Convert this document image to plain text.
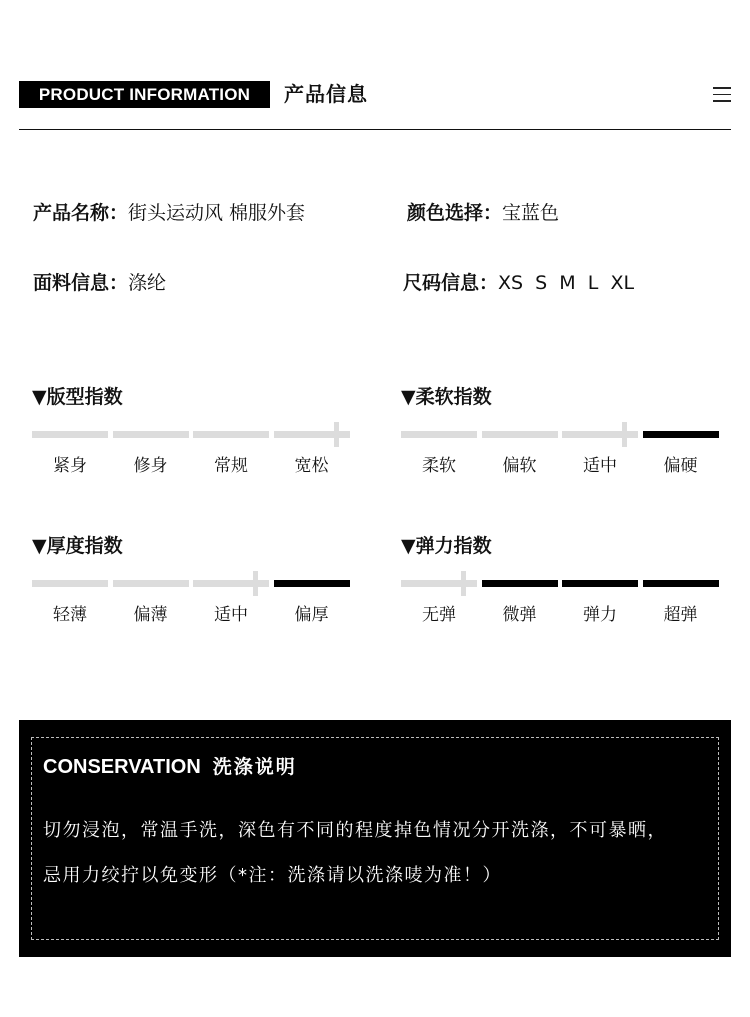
PRODUCT INFORMATION	产品信息
产品名称：街头运动风 棉服外套	颜色选择：宝蓝色
面料信息：涤纶	尺码信息：XS  S  M  L  XL
▼版型指数
紧身	修身	常规	宽松
▼柔软指数
柔软	偏软	适中	偏硬
▼厚度指数
轻薄	偏薄	适中	偏厚
▼弹力指数
无弹	微弹	弹力	超弹
CONSERVATION 洗涤说明
切勿浸泡，常温手洗，深色有不同的程度掉色情况分开洗涤，不可暴晒，忌用力绞拧以免变形（*注：洗涤请以洗涤唛为准！）
